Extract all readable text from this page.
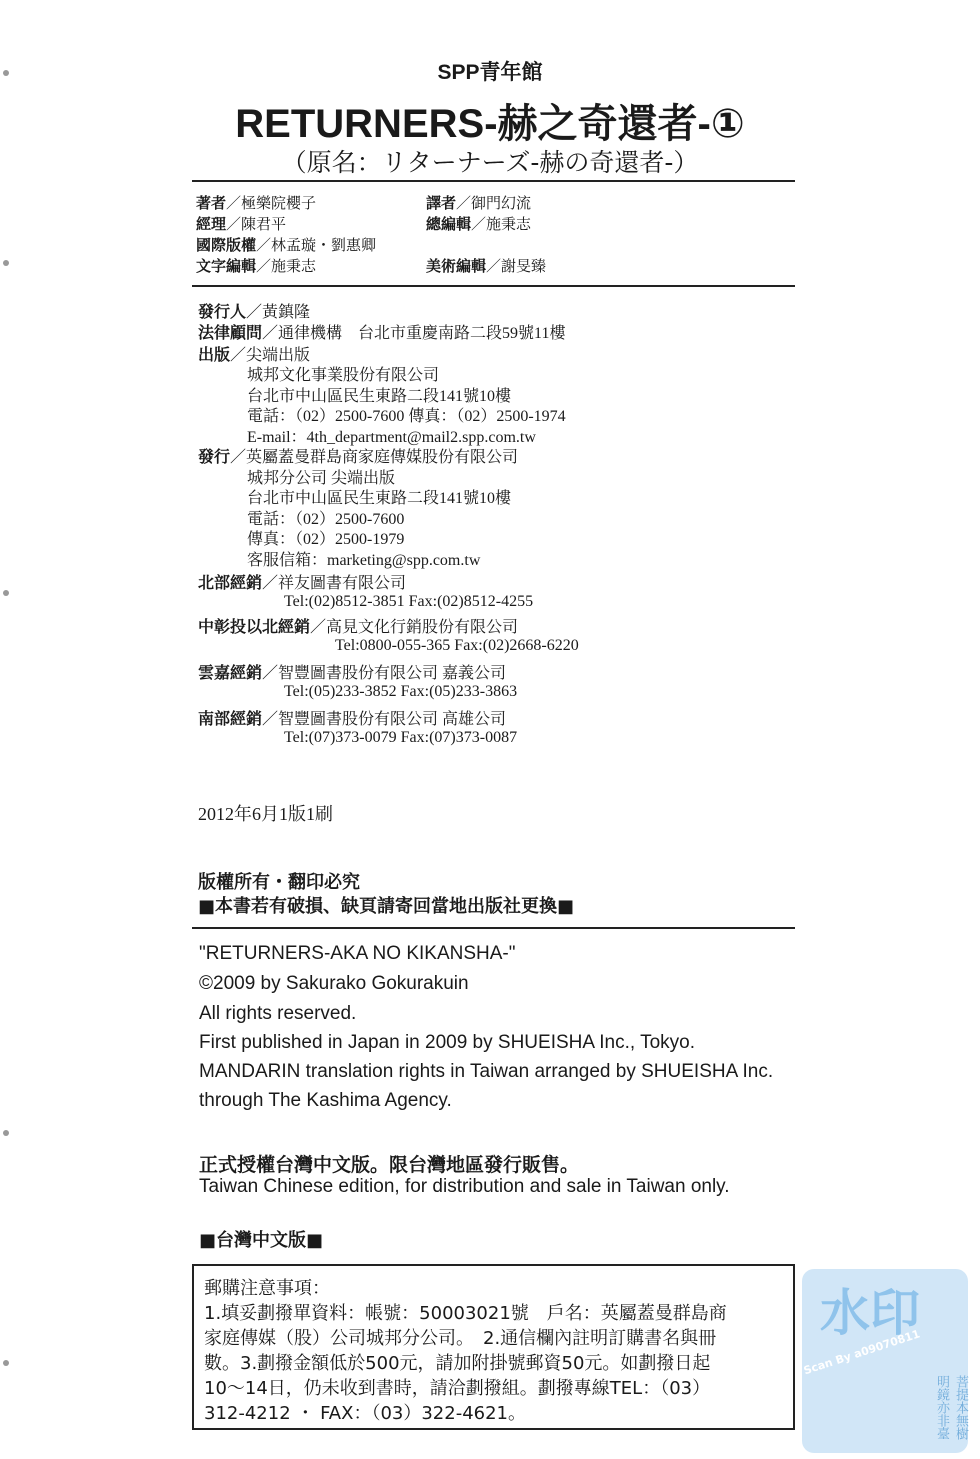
SPP青年館
RETURNERS-赫之奇還者-①
（原名：リターナーズ-赫の奇還者-）
著者／極樂院櫻子	譯者／御門幻流
經理／陳君平	總編輯／施秉志
國際版權／林孟璇・劉惠卿
文字編輯／施秉志	美術編輯／謝旻臻
發行人／黃鎮隆
法律顧問／通律機構　台北市重慶南路二段59號11樓
出版／尖端出版
城邦文化事業股份有限公司
台北市中山區民生東路二段141號10樓
電話：（02）2500-7600 傳真：（02）2500-1974
E-mail：4th_department@mail2.spp.com.tw
發行／英屬蓋曼群島商家庭傳媒股份有限公司
城邦分公司 尖端出版
台北市中山區民生東路二段141號10樓
電話：（02）2500-7600
傳真：（02）2500-1979
客服信箱：marketing@spp.com.tw
北部經銷／祥友圖書有限公司
Tel:(02)8512-3851 Fax:(02)8512-4255
中彰投以北經銷／高見文化行銷股份有限公司
Tel:0800-055-365 Fax:(02)2668-6220
雲嘉經銷／智豐圖書股份有限公司 嘉義公司
Tel:(05)233-3852 Fax:(05)233-3863
南部經銷／智豐圖書股份有限公司 高雄公司
Tel:(07)373-0079 Fax:(07)373-0087
2012年6月1版1刷
版權所有・翻印必究
■本書若有破損、缺頁請寄回當地出版社更換■
"RETURNERS-AKA NO KIKANSHA-"
©2009 by Sakurako Gokurakuin
All rights reserved.
First published in Japan in 2009 by SHUEISHA Inc., Tokyo.
MANDARIN translation rights in Taiwan arranged by SHUEISHA Inc.
through The Kashima Agency.
正式授權台灣中文版。限台灣地區發行販售。
Taiwan Chinese edition, for distribution and sale in Taiwan only.
■台灣中文版■
郵購注意事項：
1.填妥劃撥單資料：帳號：50003021號　戶名：英屬蓋曼群島商
家庭傳媒（股）公司城邦分公司。　2.通信欄內註明訂購書名與冊
數。3.劃撥金額低於500元，請加附掛號郵資50元。如劃撥日起
10～14日，仍未收到書時，請洽劃撥組。劃撥專線TEL：（03）
312-4212 ・ FAX：（03）322-4621。
水印
Scan By a09070811
菩提本無樹 明鏡亦非臺
